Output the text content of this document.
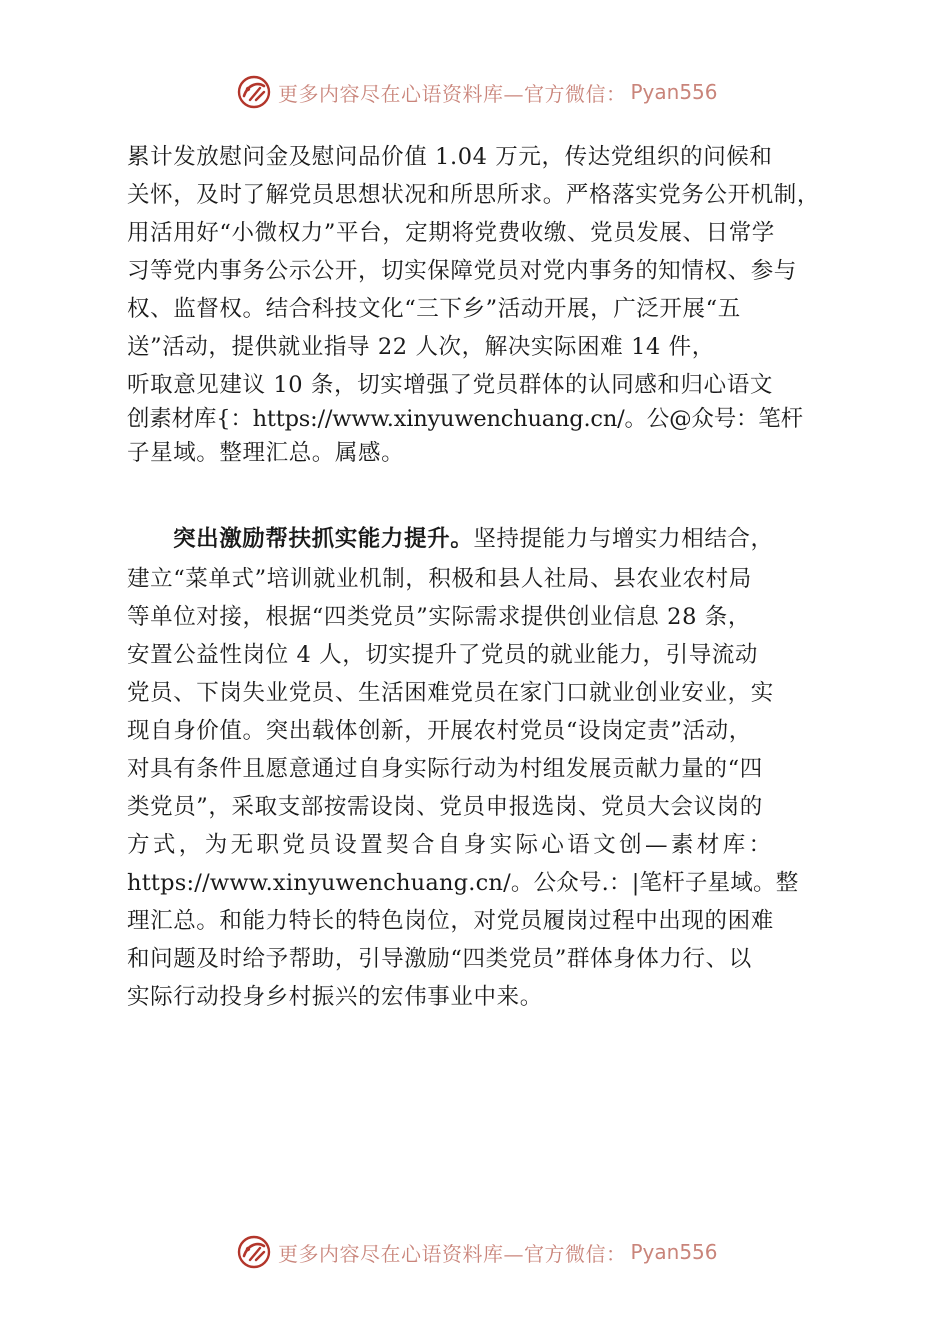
更多内容尽在心语资料库—官方微信： Pyan556
累计发放慰问金及慰问品价值 1.04 万元，传达党组织的问候和
关怀，及时了解党员思想状况和所思所求。严格落实党务公开机制，
用活用好“小微权力”平台，定期将党费收缴、党员发展、日常学
习等党内事务公示公开，切实保障党员对党内事务的知情权、参与
权、监督权。结合科技文化“三下乡”活动开展，广泛开展“五
送”活动，提供就业指导 22 人次，解决实际困难 14 件，
听取意见建议 10 条，切实增强了党员群体的认同感和归心语文
创素材库{：https://www.xinyuwenchuang.cn/。公@众号：笔杆
子星域。整理汇总。属感。
突出激励帮扶抓实能力提升。坚持提能力与增实力相结合，
建立“菜单式”培训就业机制，积极和县人社局、县农业农村局
等单位对接，根据“四类党员”实际需求提供创业信息 28 条，
安置公益性岗位 4 人，切实提升了党员的就业能力，引导流动
党员、下岗失业党员、生活困难党员在家门口就业创业安业，实
现自身价值。突出载体创新，开展农村党员“设岗定责”活动，
对具有条件且愿意通过自身实际行动为村组发展贡献力量的“四
类党员”，采取支部按需设岗、党员申报选岗、党员大会议岗的
方式，为无职党员设置契合自身实际心语文创—素材库：
https://www.xinyuwenchuang.cn/。公众号.：|笔杆子星域。整
理汇总。和能力特长的特色岗位，对党员履岗过程中出现的困难
和问题及时给予帮助，引导激励“四类党员”群体身体力行、以
实际行动投身乡村振兴的宏伟事业中来。
更多内容尽在心语资料库—官方微信： Pyan556
